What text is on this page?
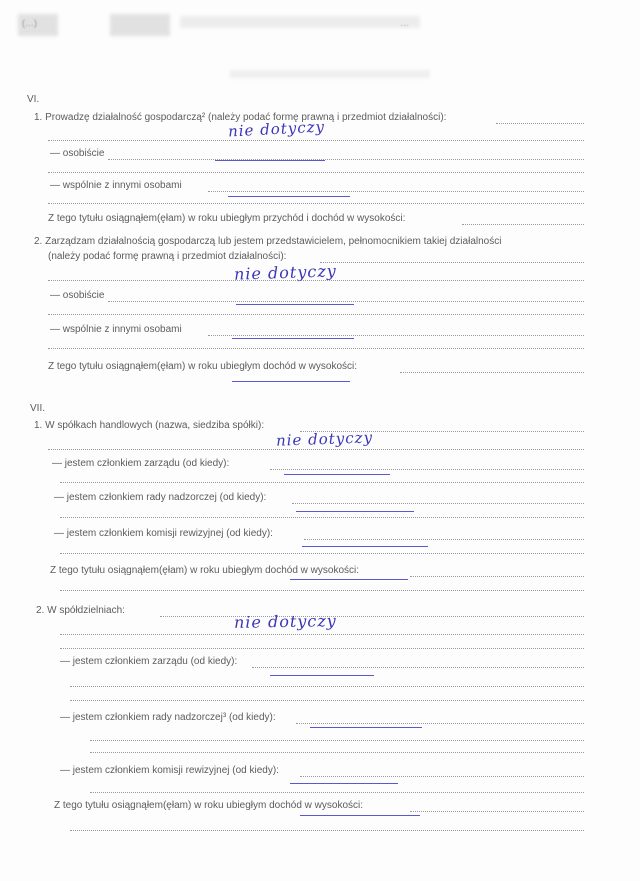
(…)	…
VI.
1. Prowadzę działalność gospodarczą² (należy podać formę prawną i przedmiot działalności):
nie dotyczy
— osobiście
— wspólnie z innymi osobami
Z tego tytułu osiągnąłem(ęłam) w roku ubiegłym przychód i dochód w wysokości:
2. Zarządzam działalnością gospodarczą lub jestem przedstawicielem, pełnomocnikiem takiej działalności
(należy podać formę prawną i przedmiot działalności):
nie dotyczy
— osobiście
— wspólnie z innymi osobami
Z tego tytułu osiągnąłem(ęłam) w roku ubiegłym dochód w wysokości:
VII.
1. W spółkach handlowych (nazwa, siedziba spółki):
nie dotyczy
— jestem członkiem zarządu (od kiedy):
— jestem członkiem rady nadzorczej (od kiedy):
— jestem członkiem komisji rewizyjnej (od kiedy):
Z tego tytułu osiągnąłem(ęłam) w roku ubiegłym dochód w wysokości:
2. W spółdzielniach:
nie dotyczy
— jestem członkiem zarządu (od kiedy):
— jestem członkiem rady nadzorczej³ (od kiedy):
— jestem członkiem komisji rewizyjnej (od kiedy):
Z tego tytułu osiągnąłem(ęłam) w roku ubiegłym dochód w wysokości:
